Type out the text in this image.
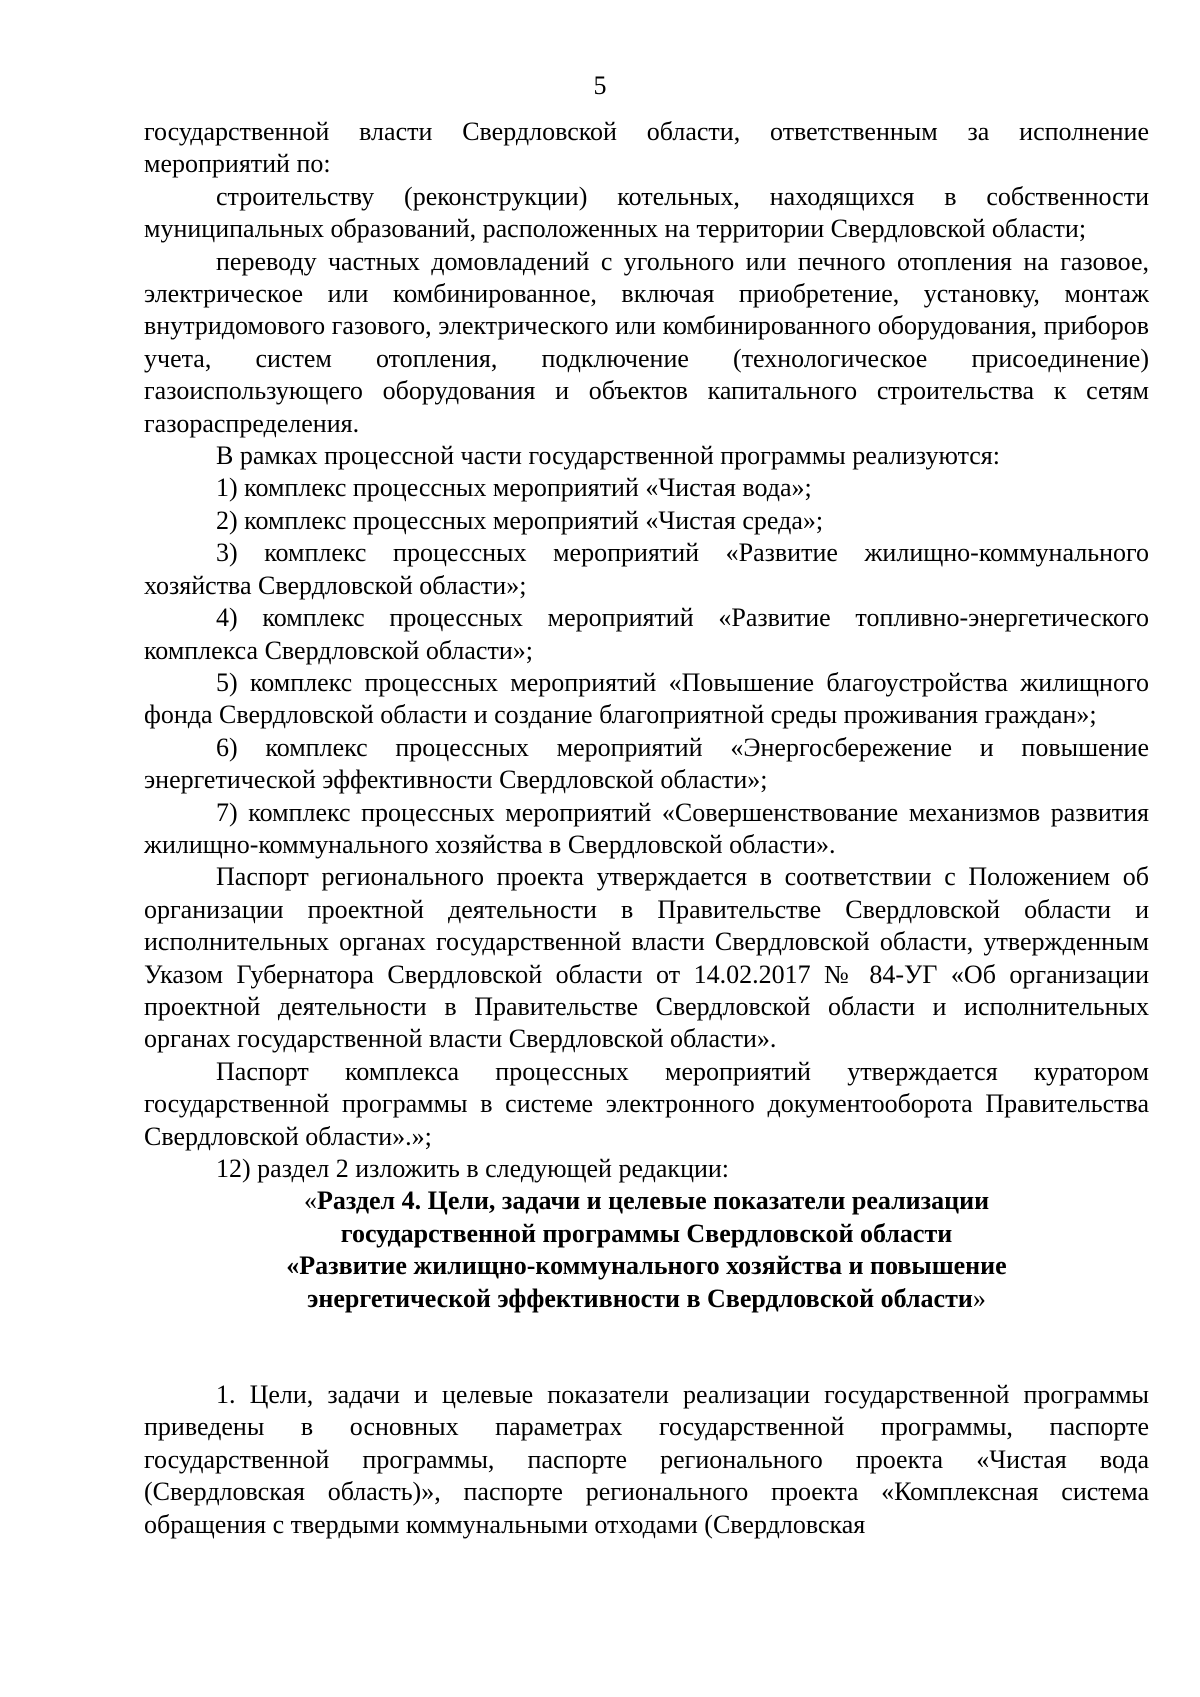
5

государственной власти Свердловской области, ответственным за исполнение мероприятий по:

строительству (реконструкции) котельных, находящихся в собственности муниципальных образований, расположенных на территории Свердловской области;

переводу частных домовладений с угольного или печного отопления на газовое, электрическое или комбинированное, включая приобретение, установку, монтаж внутридомового газового, электрического или комбинированного оборудования, приборов учета, систем отопления, подключение (технологическое присоединение) газоиспользующего оборудования и объектов капитального строительства к сетям газораспределения.

В рамках процессной части государственной программы реализуются:

1) комплекс процессных мероприятий «Чистая вода»;

2) комплекс процессных мероприятий «Чистая среда»;

3) комплекс процессных мероприятий «Развитие жилищно-коммунального хозяйства Свердловской области»;

4) комплекс процессных мероприятий «Развитие топливно-энергетического комплекса Свердловской области»;

5) комплекс процессных мероприятий «Повышение благоустройства жилищного фонда Свердловской области и создание благоприятной среды проживания граждан»;

6) комплекс процессных мероприятий «Энергосбережение и повышение энергетической эффективности Свердловской области»;

7) комплекс процессных мероприятий «Совершенствование механизмов развития жилищно-коммунального хозяйства в Свердловской области».

Паспорт регионального проекта утверждается в соответствии с Положением об организации проектной деятельности в Правительстве Свердловской области и исполнительных органах государственной власти Свердловской области, утвержденным Указом Губернатора Свердловской области от 14.02.2017 № 84-УГ «Об организации проектной деятельности в Правительстве Свердловской области и исполнительных органах государственной власти Свердловской области».

Паспорт комплекса процессных мероприятий утверждается куратором государственной программы в системе электронного документооборота Правительства Свердловской области».»;

12) раздел 2 изложить в следующей редакции:

«Раздел 4. Цели, задачи и целевые показатели реализации

государственной программы Свердловской области

«Развитие жилищно-коммунального хозяйства и повышение

энергетической эффективности в Свердловской области»

1. Цели, задачи и целевые показатели реализации государственной программы приведены в основных параметрах государственной программы, паспорте государственной программы, паспорте регионального проекта «Чистая вода (Свердловская область)», паспорте регионального проекта «Комплексная система обращения с твердыми коммунальными отходами (Свердловская
